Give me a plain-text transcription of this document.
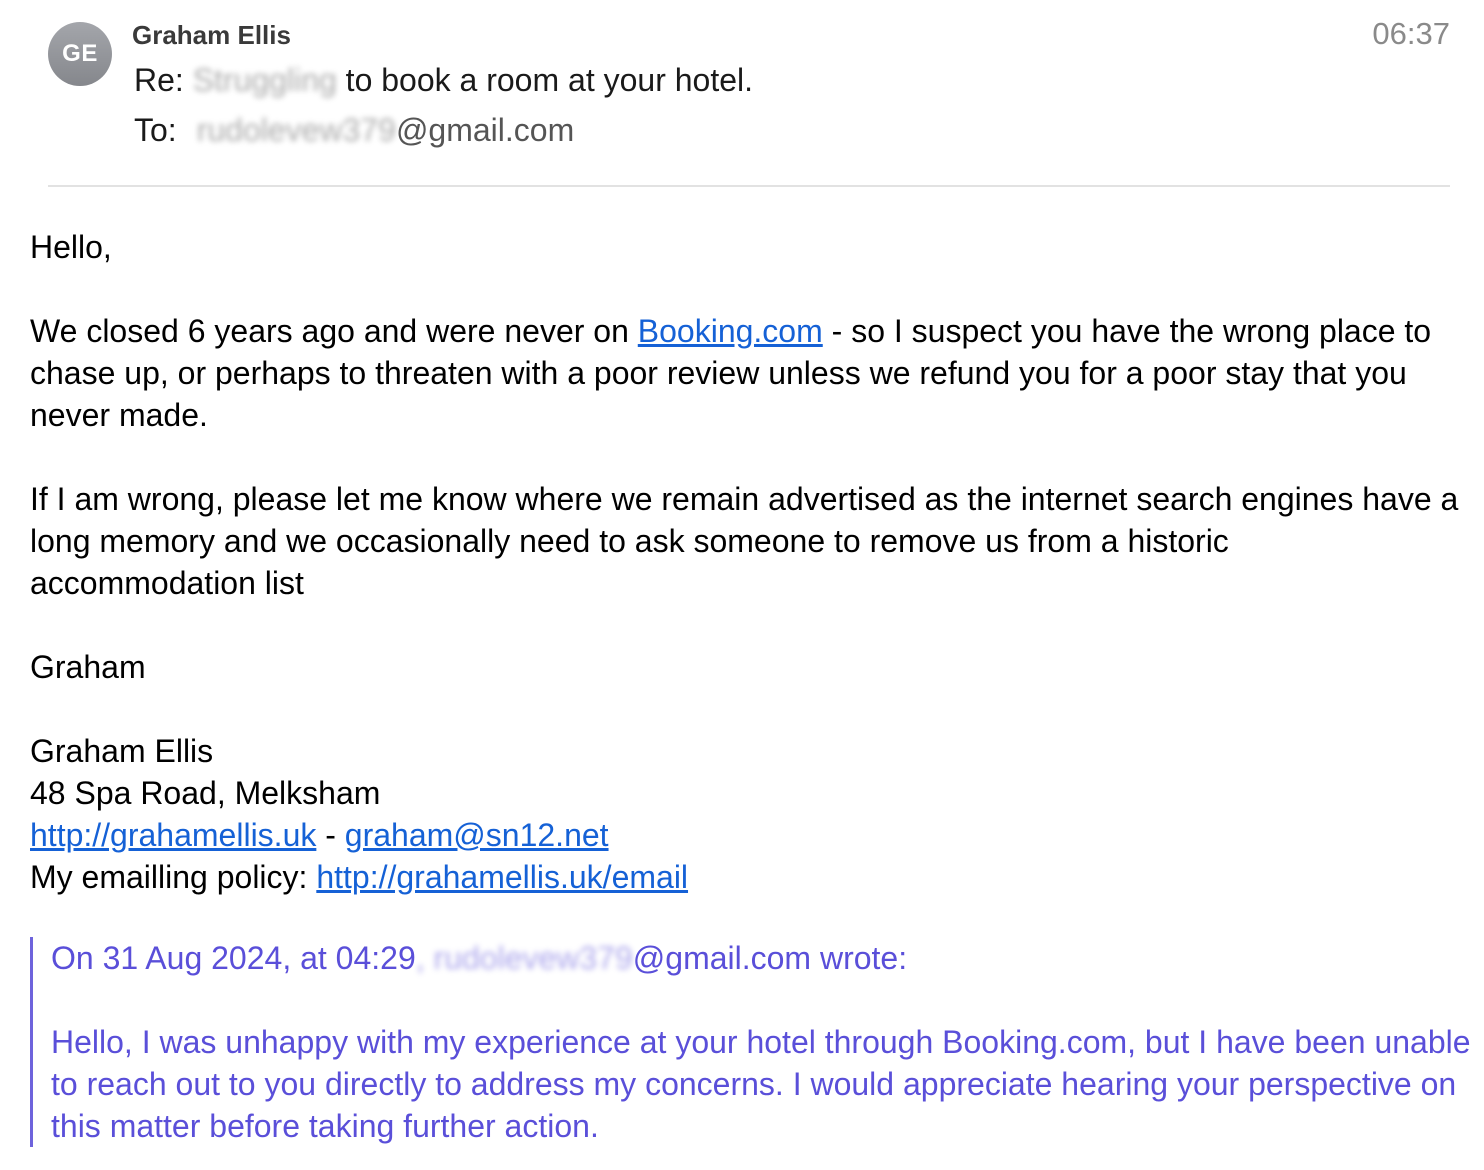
GE
Graham Ellis	06:37
Re: Struggling to book a room at your hotel.
To: rudolevew379@gmail.com

Hello,

We closed 6 years ago and were never on Booking.com - so I suspect you have the wrong place to chase up, or perhaps to threaten with a poor review unless we refund you for a poor stay that you never made.

If I am wrong, please let me know where we remain advertised as the internet search engines have a long memory and we occasionally need to ask someone to remove us from a historic accommodation list

Graham

Graham Ellis

48 Spa Road, Melksham

http://grahamellis.uk - graham@sn12.net

My emailling policy: http://grahamellis.uk/email

On 31 Aug 2024, at 04:29, rudolevew379@gmail.com wrote:

Hello, I was unhappy with my experience at your hotel through Booking.com, but I have been unable to reach out to you directly to address my concerns. I would appreciate hearing your perspective on this matter before taking further action.
